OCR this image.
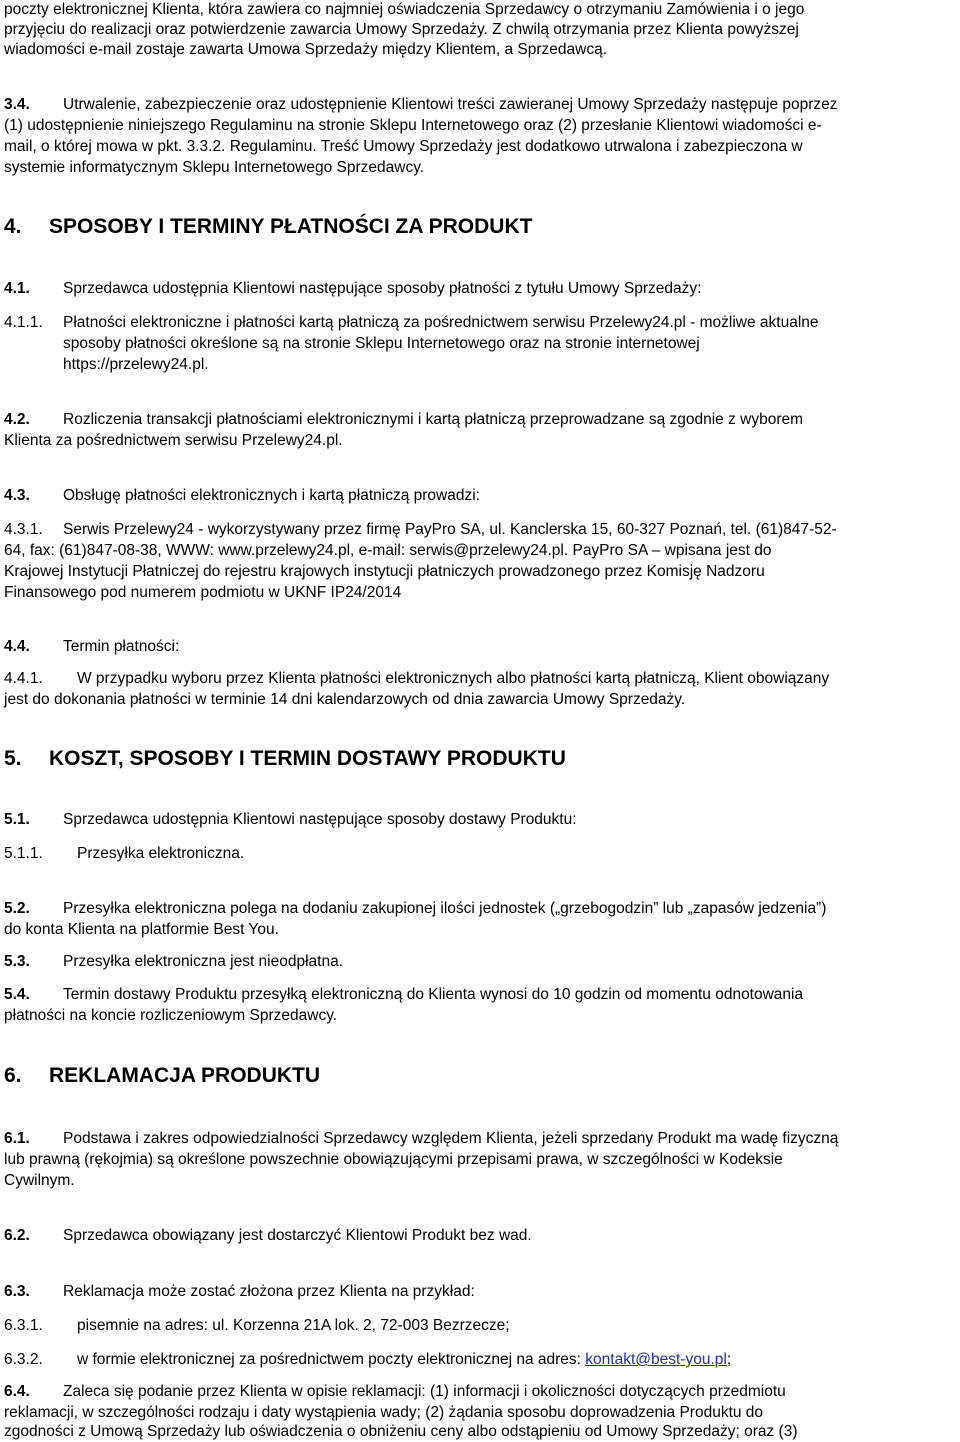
poczty elektronicznej Klienta, która zawiera co najmniej oświadczenia Sprzedawcy o otrzymaniu Zamówienia i o jego

przyjęciu do realizacji oraz potwierdzenie zawarcia Umowy Sprzedaży. Z chwilą otrzymania przez Klienta powyższej

wiadomości e-mail zostaje zawarta Umowa Sprzedaży między Klientem, a Sprzedawcą.

3.4. Utrwalenie, zabezpieczenie oraz udostępnienie Klientowi treści zawieranej Umowy Sprzedaży następuje poprzez

(1) udostępnienie niniejszego Regulaminu na stronie Sklepu Internetowego oraz (2) przesłanie Klientowi wiadomości e-

mail, o której mowa w pkt. 3.3.2. Regulaminu. Treść Umowy Sprzedaży jest dodatkowo utrwalona i zabezpieczona w

systemie informatycznym Sklepu Internetowego Sprzedawcy.

4. SPOSOBY I TERMINY PŁATNOŚCI ZA PRODUKT

4.1. Sprzedawca udostępnia Klientowi następujące sposoby płatności z tytułu Umowy Sprzedaży:

4.1.1. Płatności elektroniczne i płatności kartą płatniczą za pośrednictwem serwisu Przelewy24.pl - możliwe aktualne

sposoby płatności określone są na stronie Sklepu Internetowego oraz na stronie internetowej

https://przelewy24.pl.

4.2. Rozliczenia transakcji płatnościami elektronicznymi i kartą płatniczą przeprowadzane są zgodnie z wyborem

Klienta za pośrednictwem serwisu Przelewy24.pl.

4.3. Obsługę płatności elektronicznych i kartą płatniczą prowadzi:

4.3.1. Serwis Przelewy24 - wykorzystywany przez firmę PayPro SA, ul. Kanclerska 15, 60-327 Poznań, tel. (61)847-52-

64, fax: (61)847-08-38, WWW: www.przelewy24.pl, e-mail: serwis@przelewy24.pl. PayPro SA – wpisana jest do

Krajowej Instytucji Płatniczej do rejestru krajowych instytucji płatniczych prowadzonego przez Komisję Nadzoru

Finansowego pod numerem podmiotu w UKNF IP24/2014

4.4. Termin płatności:

4.4.1. W przypadku wyboru przez Klienta płatności elektronicznych albo płatności kartą płatniczą, Klient obowiązany

jest do dokonania płatności w terminie 14 dni kalendarzowych od dnia zawarcia Umowy Sprzedaży.

5. KOSZT, SPOSOBY I TERMIN DOSTAWY PRODUKTU

5.1. Sprzedawca udostępnia Klientowi następujące sposoby dostawy Produktu:

5.1.1. Przesyłka elektroniczna.

5.2. Przesyłka elektroniczna polega na dodaniu zakupionej ilości jednostek („grzebogodzin” lub „zapasów jedzenia”)

do konta Klienta na platformie Best You.

5.3. Przesyłka elektroniczna jest nieodpłatna.

5.4. Termin dostawy Produktu przesyłką elektroniczną do Klienta wynosi do 10 godzin od momentu odnotowania

płatności na koncie rozliczeniowym Sprzedawcy.

6. REKLAMACJA PRODUKTU

6.1. Podstawa i zakres odpowiedzialności Sprzedawcy względem Klienta, jeżeli sprzedany Produkt ma wadę fizyczną

lub prawną (rękojmia) są określone powszechnie obowiązującymi przepisami prawa, w szczególności w Kodeksie

Cywilnym.

6.2. Sprzedawca obowiązany jest dostarczyć Klientowi Produkt bez wad.

6.3. Reklamacja może zostać złożona przez Klienta na przykład:

6.3.1. pisemnie na adres: ul. Korzenna 21A lok. 2, 72-003 Bezrzecze;

6.3.2. w formie elektronicznej za pośrednictwem poczty elektronicznej na adres: kontakt@best-you.pl;

6.4. Zaleca się podanie przez Klienta w opisie reklamacji: (1) informacji i okoliczności dotyczących przedmiotu

reklamacji, w szczególności rodzaju i daty wystąpienia wady; (2) żądania sposobu doprowadzenia Produktu do

zgodności z Umową Sprzedaży lub oświadczenia o obniżeniu ceny albo odstąpieniu od Umowy Sprzedaży; oraz (3)
